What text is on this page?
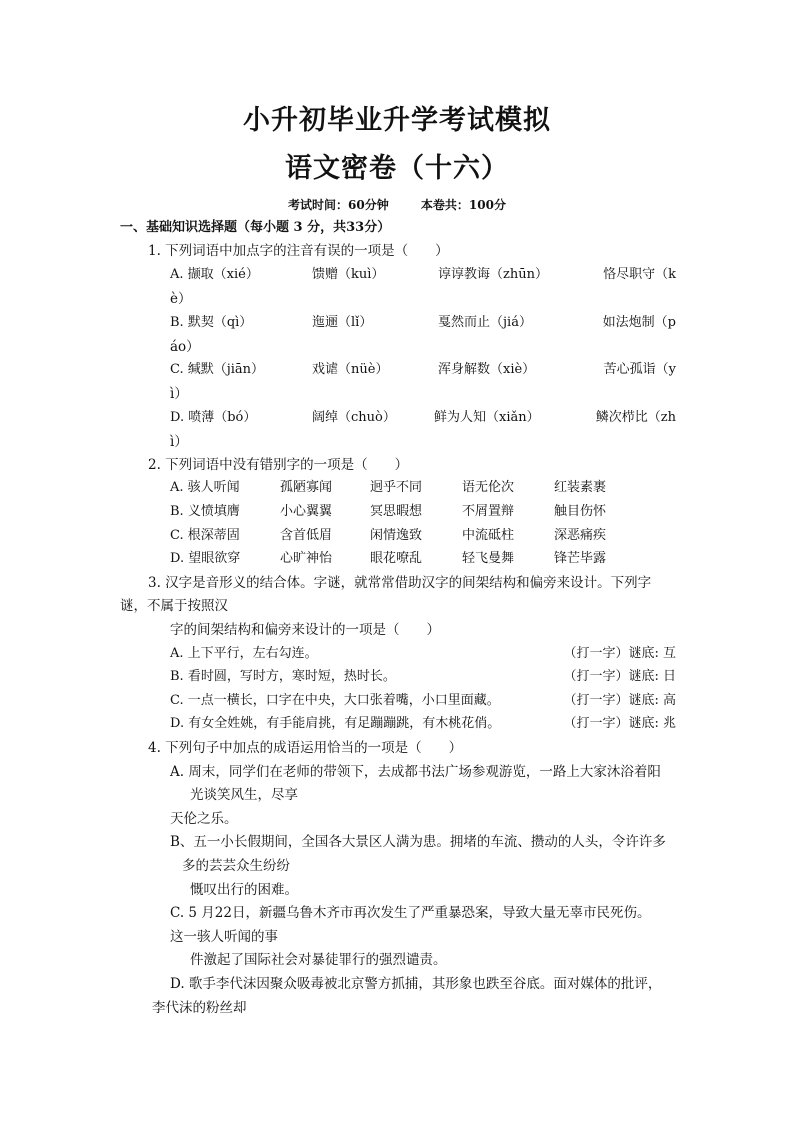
小升初毕业升学考试模拟
语文密卷（十六）
考试时间：60分钟	本卷共：100分
一、基础知识选择题（每小题 3 分，共33分）
1. 下列词语中加点字的注音有误的一项是（　　）
A. 撷取（xié）	馈赠（kuì）	谆谆教诲（zhūn）	恪尽职守（k
è）
B. 默契（qì）	迤逦（lǐ）	戛然而止（jiá）	如法炮制（p
áo）
C. 缄默（jiān）	戏谑（nüè）	浑身解数（xiè）	苦心孤诣（y
ì）
D. 喷薄（bó）	阔绰（chuò）	鲜为人知（xiǎn）	鳞次栉比（zh
ì）
2. 下列词语中没有错别字的一项是（　　）
A. 骇人听闻	孤陋寡闻	迥乎不同	语无伦次	红装素裹
B. 义愤填膺	小心翼翼	冥思暇想	不屑置辩	触目伤怀
C. 根深蒂固	含首低眉	闲情逸致	中流砥柱	深恶痛疾
D. 望眼欲穿	心旷神怡	眼花嘹乱	轻飞曼舞	锋芒毕露
3. 汉字是音形义的结合体。字谜，就常常借助汉字的间架结构和偏旁来设计。下列字
谜，不属于按照汉
字的间架结构和偏旁来设计的一项是（　　）
A. 上下平行，左右勾连。	（打一字）谜底: 互
B. 看时圆，写时方，寒时短，热时长。	（打一字）谜底: 日
C. 一点一横长，口字在中央，大口张着嘴，小口里面藏。	（打一字）谜底: 高
D. 有女全姓姚，有手能肩挑，有足蹦蹦跳，有木桃花俏。	（打一字）谜底: 兆
4. 下列句子中加点的成语运用恰当的一项是（　　）
A. 周末，同学们在老师的带领下，去成都书法广场参观游览，一路上大家沐浴着阳
光谈笑风生，尽享
天伦之乐。
B、五一小长假期间，全国各大景区人满为患。拥堵的车流、攒动的人头，令许许多
多的芸芸众生纷纷
慨叹出行的困难。
C. 5 月22日，新疆乌鲁木齐市再次发生了严重暴恐案，导致大量无辜市民死伤。
这一骇人听闻的事
件激起了国际社会对暴徒罪行的强烈谴责。
D. 歌手李代沫因聚众吸毒被北京警方抓捕，其形象也跌至谷底。面对媒体的批评，
李代沫的粉丝却
